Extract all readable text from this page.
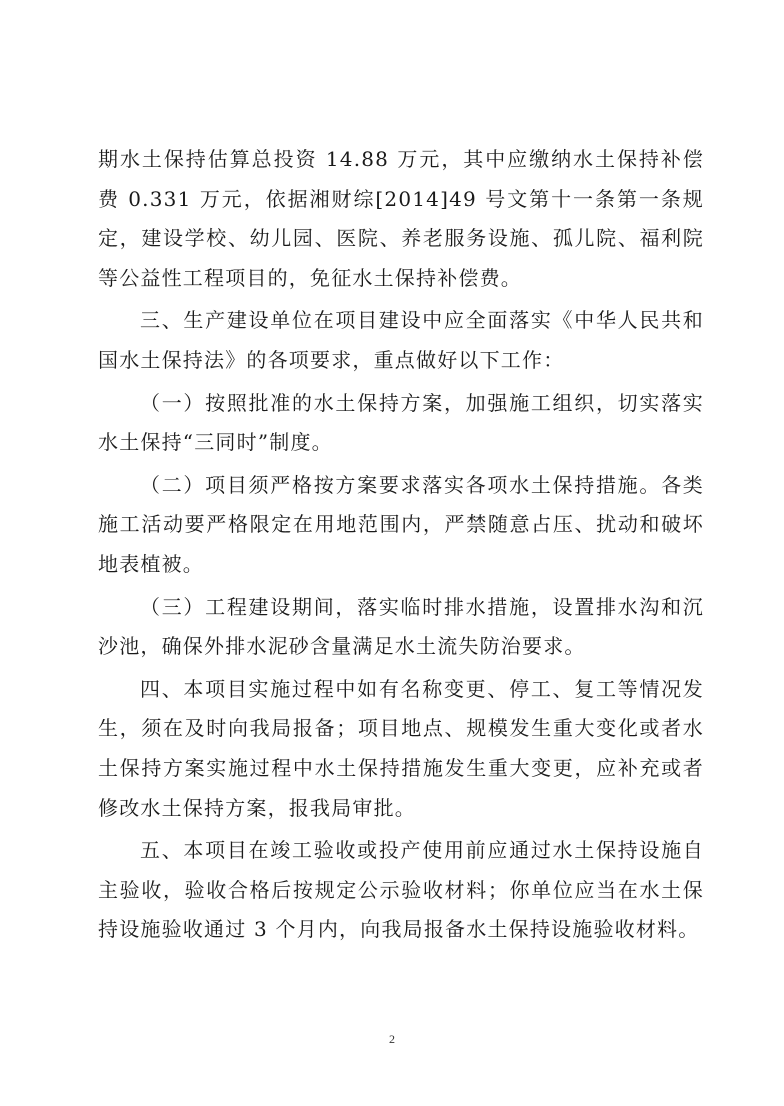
期水土保持估算总投资 14.88 万元，其中应缴纳水土保持补偿费 0.331 万元，依据湘财综[2014]49 号文第十一条第一条规定，建设学校、幼儿园、医院、养老服务设施、孤儿院、福利院等公益性工程项目的，免征水土保持补偿费。

三、生产建设单位在项目建设中应全面落实《中华人民共和国水土保持法》的各项要求，重点做好以下工作：

（一）按照批准的水土保持方案，加强施工组织，切实落实水土保持“三同时”制度。

（二）项目须严格按方案要求落实各项水土保持措施。各类施工活动要严格限定在用地范围内，严禁随意占压、扰动和破坏地表植被。

（三）工程建设期间，落实临时排水措施，设置排水沟和沉沙池，确保外排水泥砂含量满足水土流失防治要求。

四、本项目实施过程中如有名称变更、停工、复工等情况发生，须在及时向我局报备；项目地点、规模发生重大变化或者水土保持方案实施过程中水土保持措施发生重大变更，应补充或者修改水土保持方案，报我局审批。

五、本项目在竣工验收或投产使用前应通过水土保持设施自主验收，验收合格后按规定公示验收材料；你单位应当在水土保持设施验收通过 3 个月内，向我局报备水土保持设施验收材料。

2
